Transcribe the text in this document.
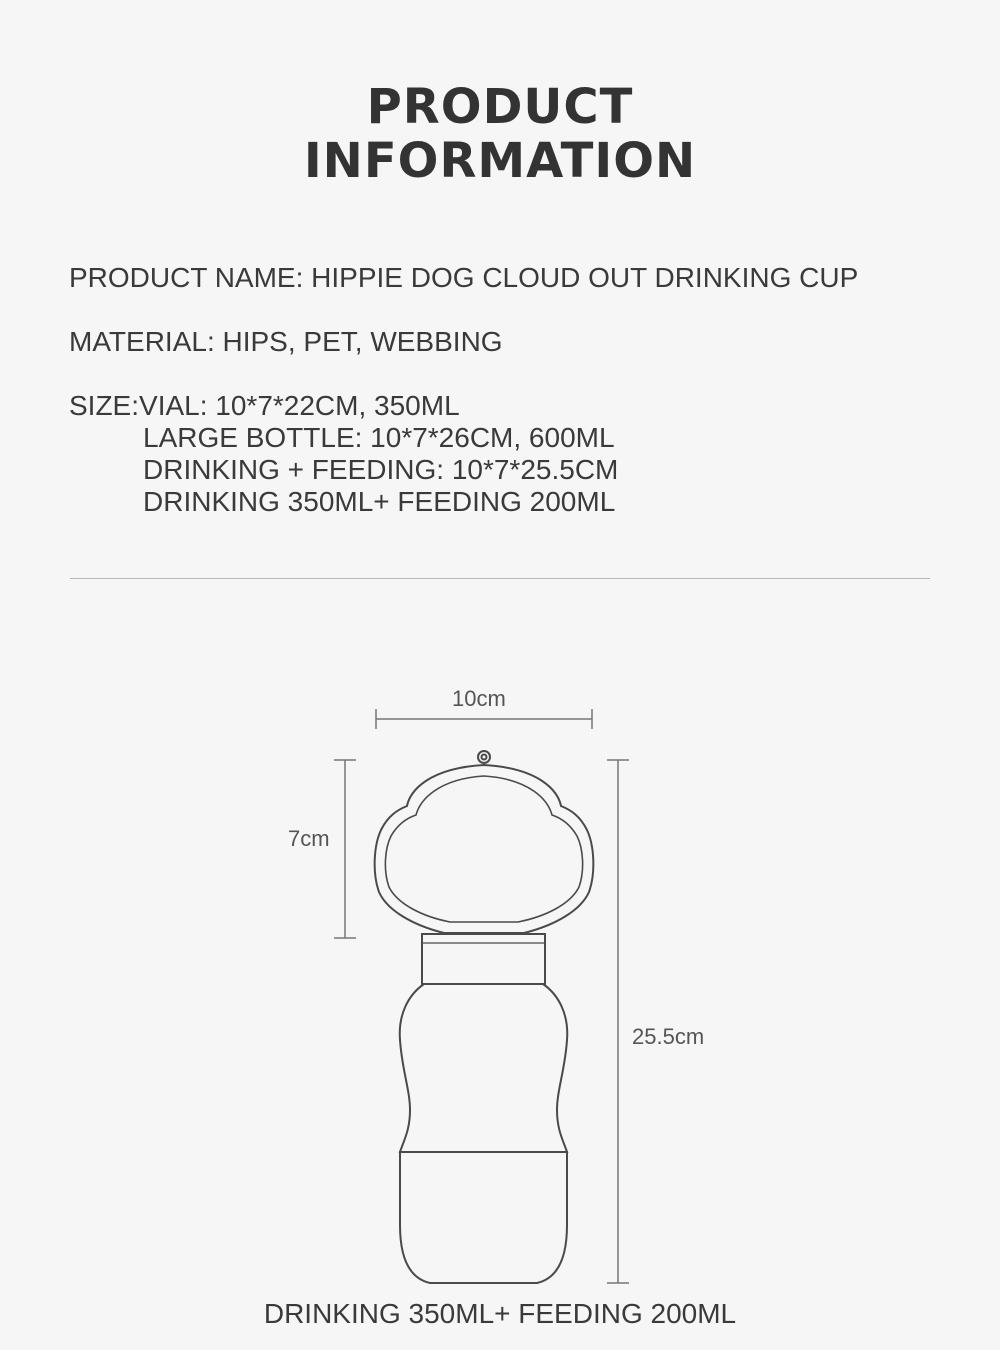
PRODUCT
INFORMATION
PRODUCT NAME: HIPPIE DOG CLOUD OUT DRINKING CUP
MATERIAL: HIPS, PET, WEBBING
SIZE:VIAL: 10*7*22CM, 350ML
LARGE BOTTLE: 10*7*26CM, 600ML
DRINKING + FEEDING: 10*7*25.5CM
DRINKING 350ML+ FEEDING 200ML
10cm
7cm
25.5cm
DRINKING 350ML+ FEEDING 200ML
